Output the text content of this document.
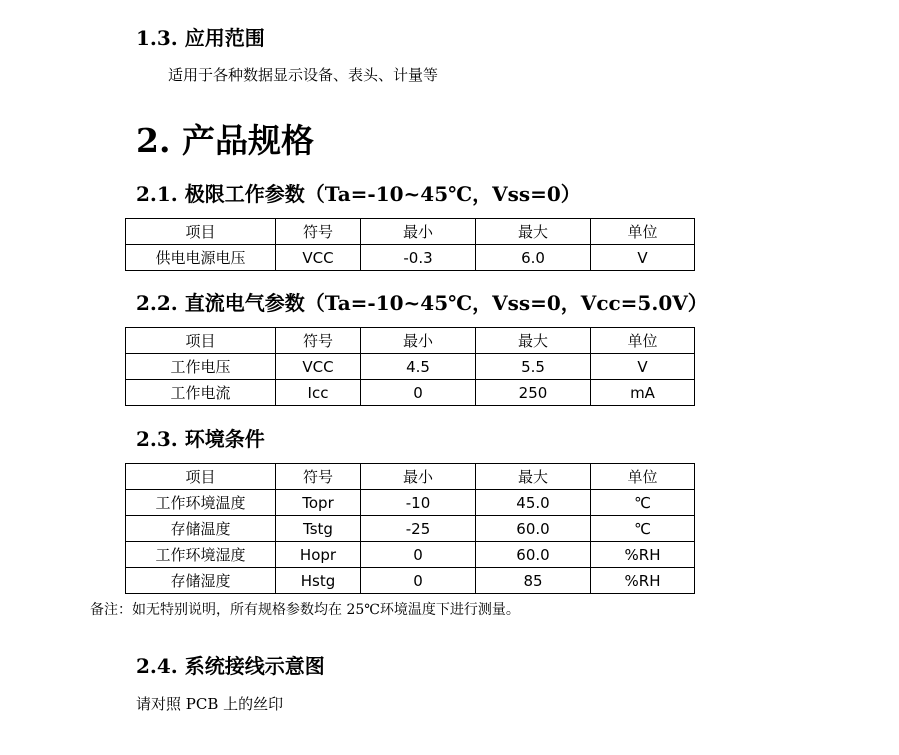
1.3. 应用范围
适用于各种数据显示设备、表头、计量等
2. 产品规格
2.1. 极限工作参数（Ta=-10~45℃，Vss=0）
项目	符号	最小	最大	单位
供电电源电压	VCC	-0.3	6.0	V
2.2. 直流电气参数（Ta=-10~45℃，Vss=0，Vcc=5.0V）
项目	符号	最小	最大	单位
工作电压	VCC	4.5	5.5	V
工作电流	Icc	0	250	mA
2.3. 环境条件
项目	符号	最小	最大	单位
工作环境温度	Topr	-10	45.0	℃
存储温度	Tstg	-25	60.0	℃
工作环境湿度	Hopr	0	60.0	%RH
存储湿度	Hstg	0	85	%RH
备注：如无特别说明，所有规格参数均在 25℃环境温度下进行测量。
2.4. 系统接线示意图
请对照 PCB 上的丝印
